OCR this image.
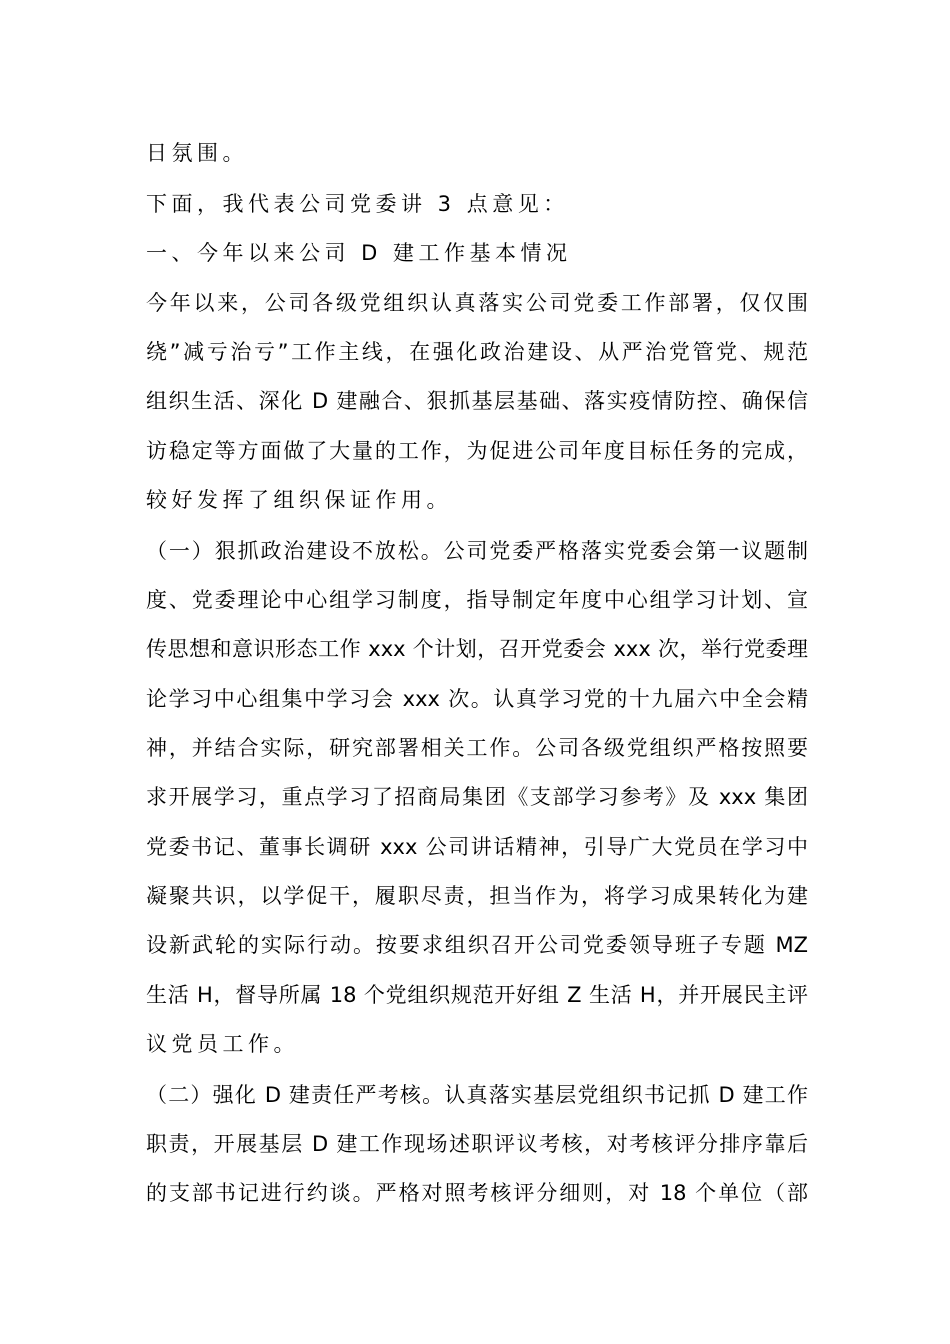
日氛围。
下面，我代表公司党委讲 3 点意见：
一、今年以来公司 D 建工作基本情况
今年以来，公司各级党组织认真落实公司党委工作部署，仅仅围
绕”减亏治亏”工作主线，在强化政治建设、从严治党管党、规范
组织生活、深化 D 建融合、狠抓基层基础、落实疫情防控、确保信
访稳定等方面做了大量的工作，为促进公司年度目标任务的完成，
较好发挥了组织保证作用。
（一）狠抓政治建设不放松。公司党委严格落实党委会第一议题制
度、党委理论中心组学习制度，指导制定年度中心组学习计划、宣
传思想和意识形态工作 xxx 个计划，召开党委会 xxx 次，举行党委理
论学习中心组集中学习会 xxx 次。认真学习党的十九届六中全会精
神，并结合实际，研究部署相关工作。公司各级党组织严格按照要
求开展学习，重点学习了招商局集团《支部学习参考》及 xxx 集团
党委书记、董事长调研 xxx 公司讲话精神，引导广大党员在学习中
凝聚共识，以学促干，履职尽责，担当作为，将学习成果转化为建
设新武轮的实际行动。按要求组织召开公司党委领导班子专题 MZ
生活 H，督导所属 18 个党组织规范开好组 Z 生活 H，并开展民主评
议党员工作。
（二）强化 D 建责任严考核。认真落实基层党组织书记抓 D 建工作
职责，开展基层 D 建工作现场述职评议考核，对考核评分排序靠后
的支部书记进行约谈。严格对照考核评分细则，对 18 个单位（部
